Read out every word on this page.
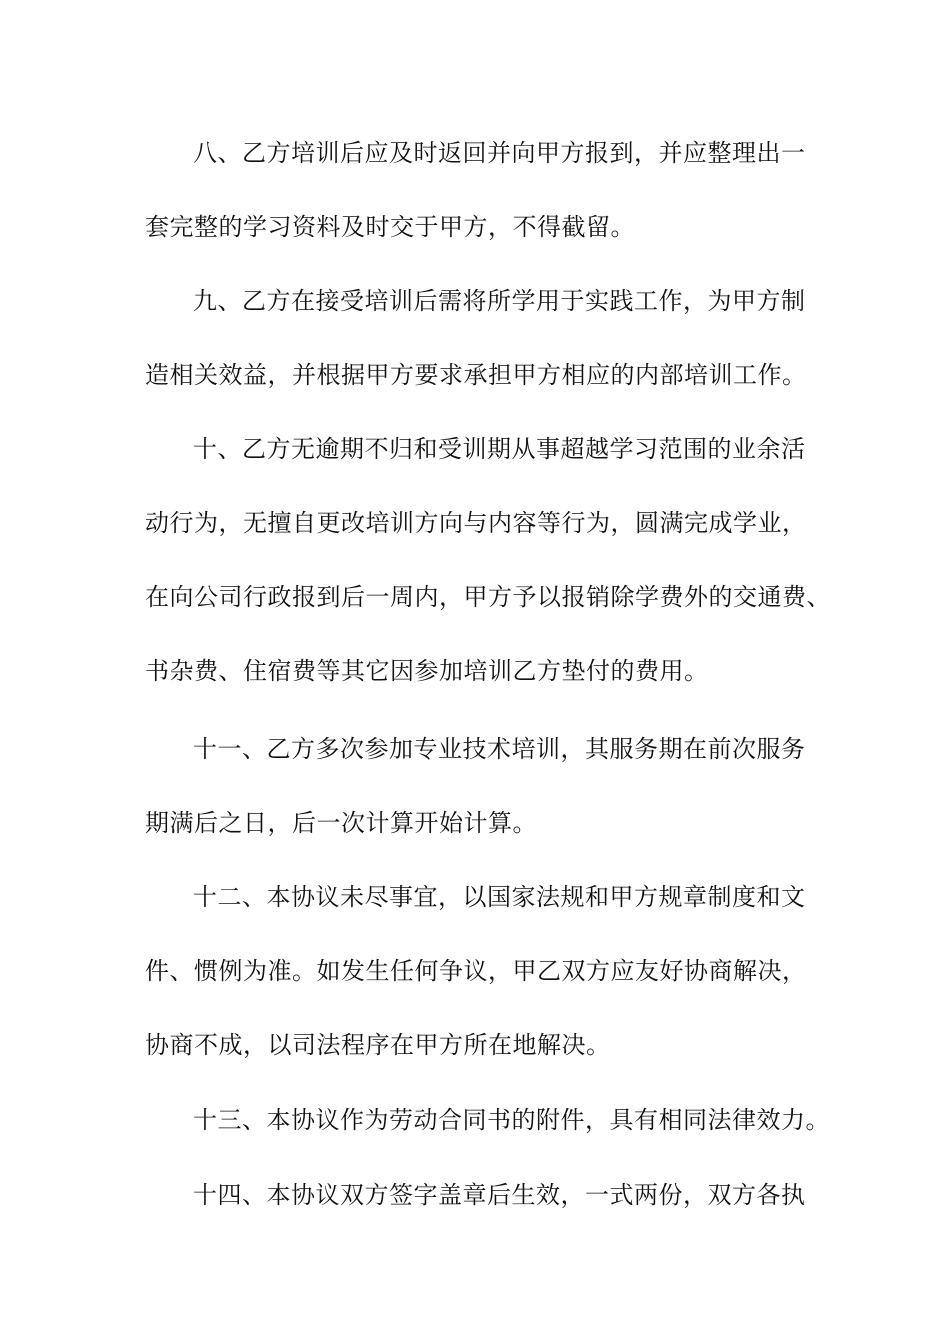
八、乙方培训后应及时返回并向甲方报到，并应整理出一
套完整的学习资料及时交于甲方，不得截留。
九、乙方在接受培训后需将所学用于实践工作，为甲方制
造相关效益，并根据甲方要求承担甲方相应的内部培训工作。
十、乙方无逾期不归和受训期从事超越学习范围的业余活
动行为，无擅自更改培训方向与内容等行为，圆满完成学业，
在向公司行政报到后一周内，甲方予以报销除学费外的交通费、
书杂费、住宿费等其它因参加培训乙方垫付的费用。
十一、乙方多次参加专业技术培训，其服务期在前次服务
期满后之日，后一次计算开始计算。
十二、本协议未尽事宜，以国家法规和甲方规章制度和文
件、惯例为准。如发生任何争议，甲乙双方应友好协商解决，
协商不成，以司法程序在甲方所在地解决。
十三、本协议作为劳动合同书的附件，具有相同法律效力。
十四、本协议双方签字盖章后生效，一式两份，双方各执
